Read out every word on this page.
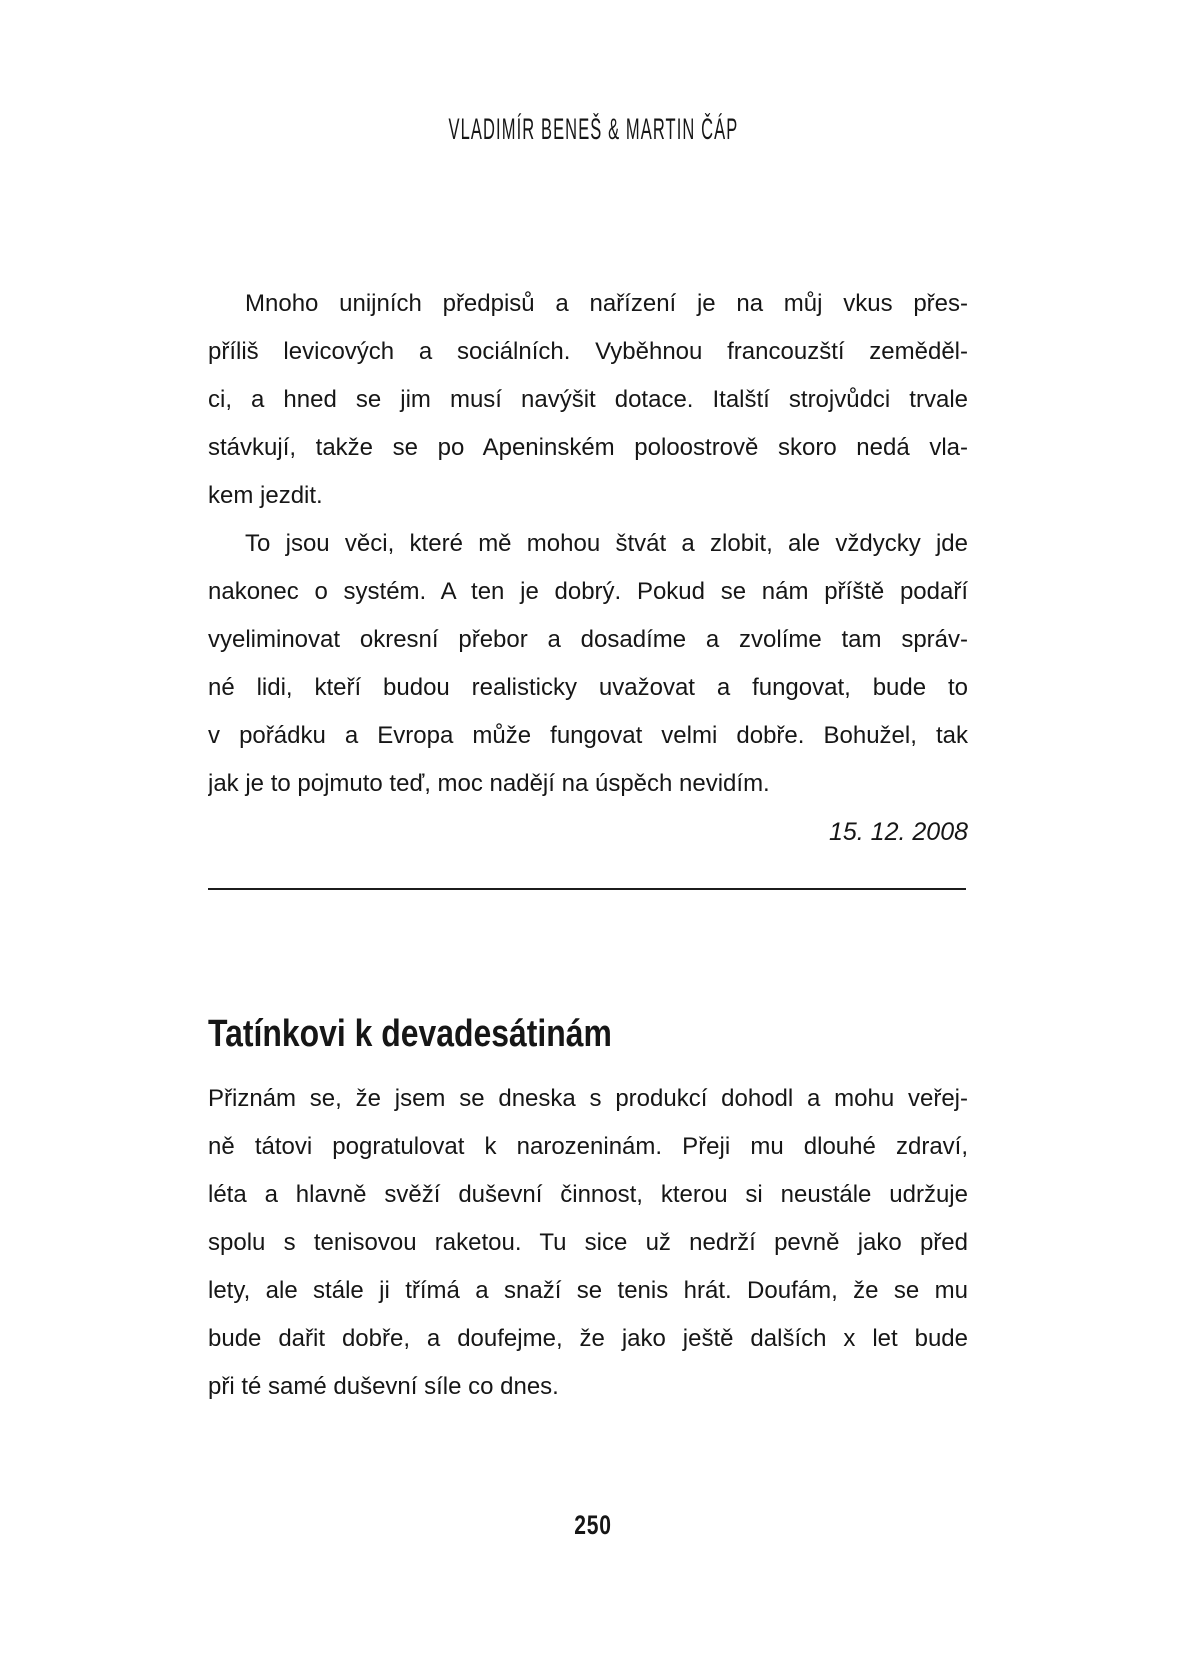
VLADIMÍR BENEŠ & MARTIN ČÁP
Mnoho unijních předpisů a nařízení je na můj vkus přes-
příliš levicových a sociálních. Vyběhnou francouzští zeměděl-
ci, a hned se jim musí navýšit dotace. Italští strojvůdci trvale
stávkují, takže se po Apeninském poloostrově skoro nedá vla-
kem jezdit.
To jsou věci, které mě mohou štvát a zlobit, ale vždycky jde
nakonec o systém. A ten je dobrý. Pokud se nám příště podaří
vyeliminovat okresní přebor a dosadíme a zvolíme tam správ-
né lidi, kteří budou realisticky uvažovat a fungovat, bude to
v pořádku a Evropa může fungovat velmi dobře. Bohužel, tak
jak je to pojmuto teď, moc nadějí na úspěch nevidím.
15. 12. 2008
Tatínkovi k devadesátinám
Přiznám se, že jsem se dneska s produkcí dohodl a mohu veřej-
ně tátovi pogratulovat k narozeninám. Přeji mu dlouhé zdraví,
léta a hlavně svěží duševní činnost, kterou si neustále udržuje
spolu s tenisovou raketou. Tu sice už nedrží pevně jako před
lety, ale stále ji třímá a snaží se tenis hrát. Doufám, že se mu
bude dařit dobře, a doufejme, že jako ještě dalších x let bude
při té samé duševní síle co dnes.
250
